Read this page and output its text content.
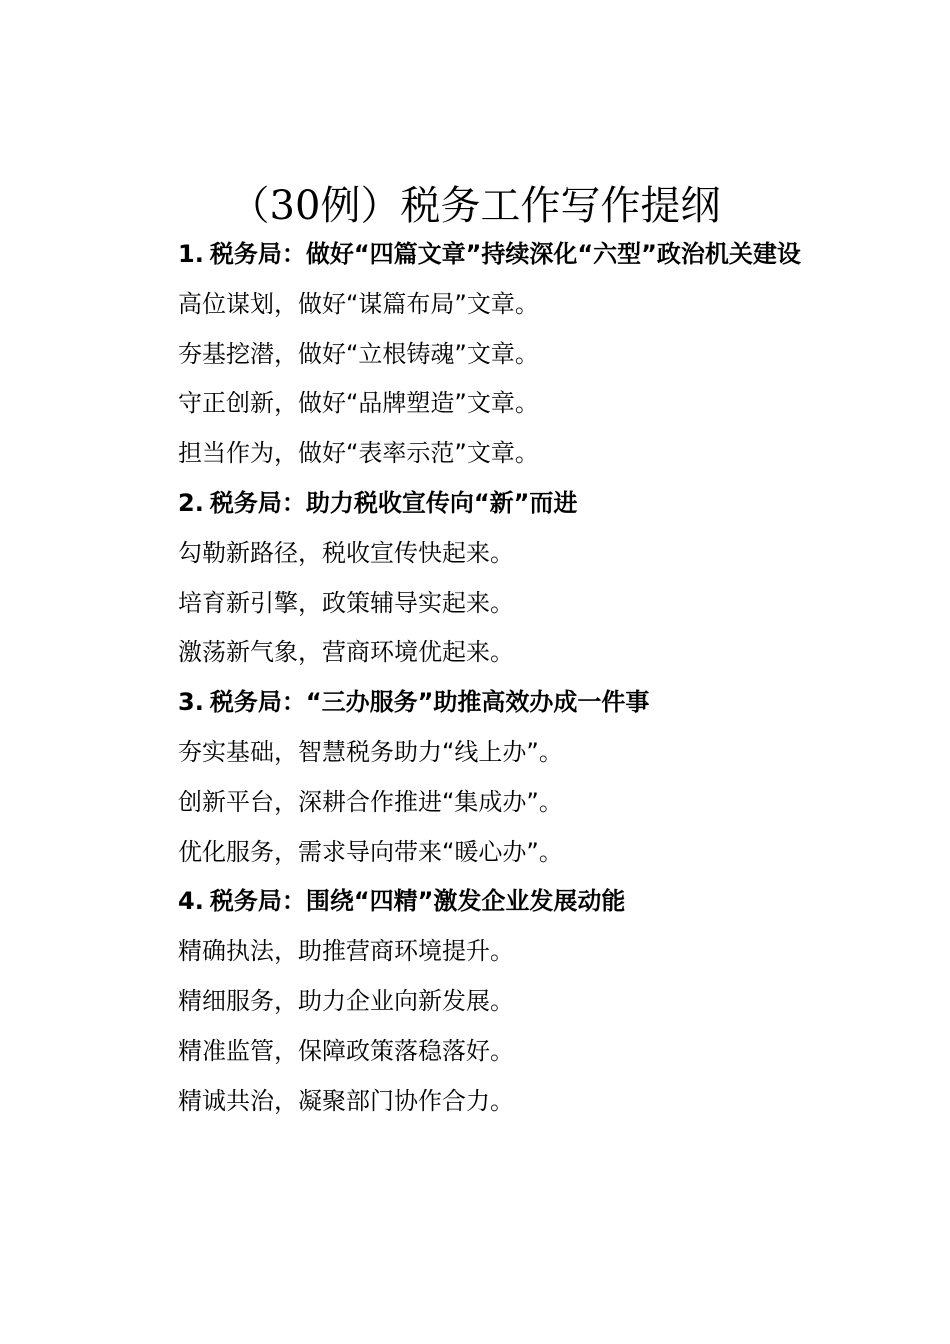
（30例）税务工作写作提纲

1. 税务局：做好“四篇文章”持续深化“六型”政治机关建设

高位谋划，做好“谋篇布局”文章。

夯基挖潜，做好“立根铸魂”文章。

守正创新，做好“品牌塑造”文章。

担当作为，做好“表率示范”文章。

2. 税务局：助力税收宣传向“新”而进

勾勒新路径，税收宣传快起来。

培育新引擎，政策辅导实起来。

激荡新气象，营商环境优起来。

3. 税务局：“三办服务”助推高效办成一件事

夯实基础，智慧税务助力“线上办”。

创新平台，深耕合作推进“集成办”。

优化服务，需求导向带来“暖心办”。

4. 税务局：围绕“四精”激发企业发展动能

精确执法，助推营商环境提升。

精细服务，助力企业向新发展。

精准监管，保障政策落稳落好。

精诚共治，凝聚部门协作合力。
